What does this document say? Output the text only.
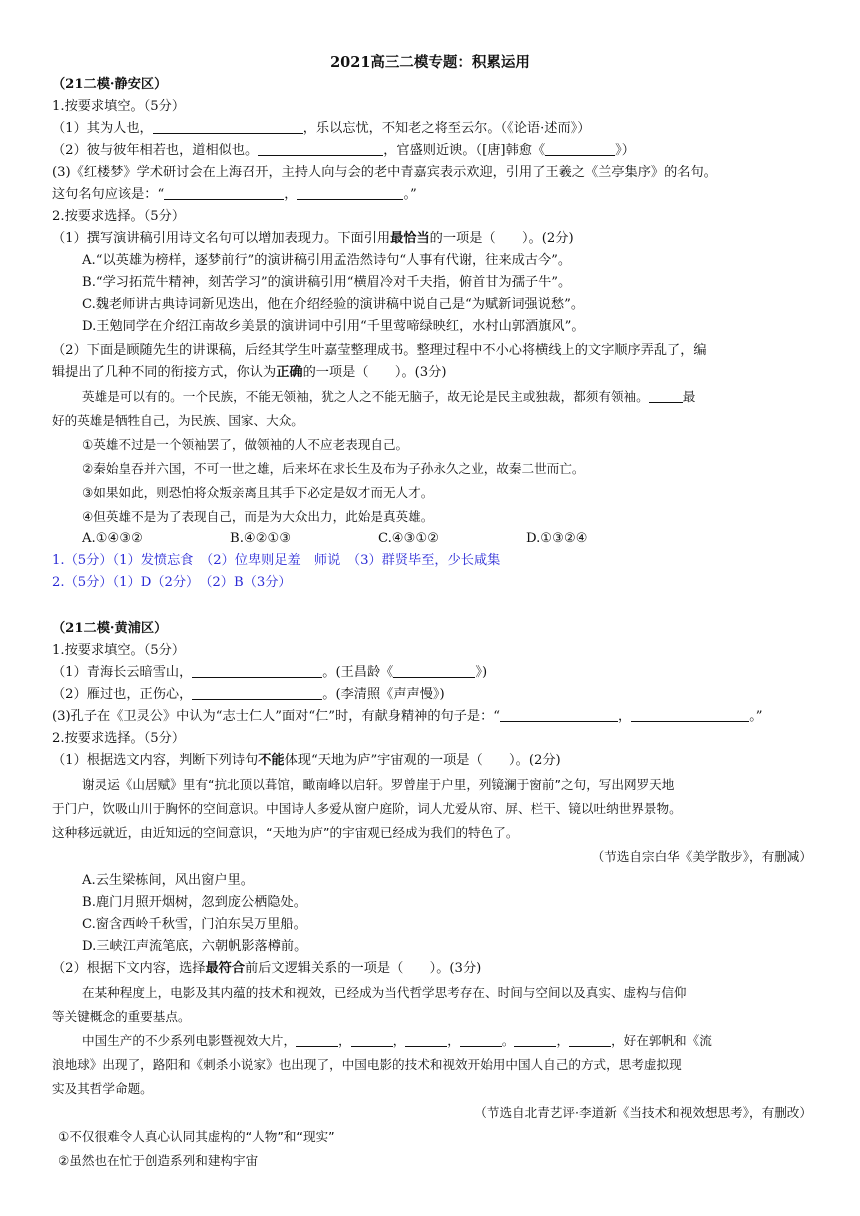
2021高三二模专题：积累运用
（21二模·静安区）
1.按要求填空。（5分）
（1）其为人也，	，乐以忘忧，不知老之将至云尔。（《论语·述而》）
（2）彼与彼年相若也，道相似也。	，官盛则近谀。（[唐]韩愈《	》）
(3)《红楼梦》学术研讨会在上海召开，主持人向与会的老中青嘉宾表示欢迎，引用了王羲之《兰亭集序》的名句。
这句名句应该是：“	，	。”
2.按要求选择。（5分）
（1）撰写演讲稿引用诗文名句可以增加表现力。下面引用最恰当的一项是（　　）。(2分)
A.“以英雄为榜样，逐梦前行”的演讲稿引用孟浩然诗句“人事有代谢，往来成古今”。
B.“学习拓荒牛精神，刻苦学习”的演讲稿引用“横眉冷对千夫指，俯首甘为孺子牛”。
C.魏老师讲古典诗词新见迭出，他在介绍经验的演讲稿中说自己是“为赋新词强说愁”。
D.王勉同学在介绍江南故乡美景的演讲词中引用“千里莺啼绿映红，水村山郭酒旗风”。
（2）下面是顾随先生的讲课稿，后经其学生叶嘉莹整理成书。整理过程中不小心将横线上的文字顺序弄乱了，编
辑提出了几种不同的衔接方式，你认为正确的一项是（　　）。(3分)
英雄是可以有的。一个民族，不能无领袖，犹之人之不能无脑子，故无论是民主或独裁，都须有领袖。	最
好的英雄是牺牲自己，为民族、国家、大众。
①英雄不过是一个领袖罢了，做领袖的人不应老表现自己。
②秦始皇吞并六国，不可一世之雄，后来坏在求长生及布为子孙永久之业，故秦二世而亡。
③如果如此，则恐怕将众叛亲离且其手下必定是奴才而无人才。
④但英雄不是为了表现自己，而是为大众出力，此始是真英雄。
A.①④③②	B.④②①③	C.④③①②	D.①③②④
1.（5分）（1）发愤忘食　（2）位卑则足羞　师说　（3）群贤毕至，少长咸集
2.（5分）（1）D（2分）　（2）B（3分）
（21二模·黄浦区）
1.按要求填空。（5分）
（1）青海长云暗雪山，	。(王昌龄《	》)
（2）雁过也，正伤心，	。(李清照《声声慢》)
(3)孔子在《卫灵公》中认为“志士仁人”面对“仁”时，有献身精神的句子是：“	，	。”
2.按要求选择。（5分）
（1）根据选文内容，判断下列诗句不能体现“天地为庐”宇宙观的一项是（　　）。(2分)
谢灵运《山居赋》里有“抗北顶以葺馆，瞰南峰以启轩。罗曾崖于户里，列镜澜于窗前”之句，写出网罗天地
于门户，饮吸山川于胸怀的空间意识。中国诗人多爱从窗户庭阶，词人尤爱从帘、屏、栏干、镜以吐纳世界景物。
这种移远就近，由近知远的空间意识，“天地为庐”的宇宙观已经成为我们的特色了。
（节选自宗白华《美学散步》，有删减）
A.云生梁栋间，风出窗户里。
B.鹿门月照开烟树，忽到庞公栖隐处。
C.窗含西岭千秋雪，门泊东吴万里船。
D.三峡江声流笔底，六朝帆影落樽前。
（2）根据下文内容，选择最符合前后文逻辑关系的一项是（　　）。(3分)
在某种程度上，电影及其内蕴的技术和视效，已经成为当代哲学思考存在、时间与空间以及真实、虚构与信仰
等关键概念的重要基点。
中国生产的不少系列电影暨视效大片，	，	，	，	。	，	，好在郭帆和《流
浪地球》出现了，路阳和《刺杀小说家》也出现了，中国电影的技术和视效开始用中国人自己的方式，思考虚拟现
实及其哲学命题。
（节选自北青艺评·李道新《当技术和视效想思考》，有删改）
①不仅很难令人真心认同其虚构的“人物”和“现实”
②虽然也在忙于创造系列和建构宇宙
